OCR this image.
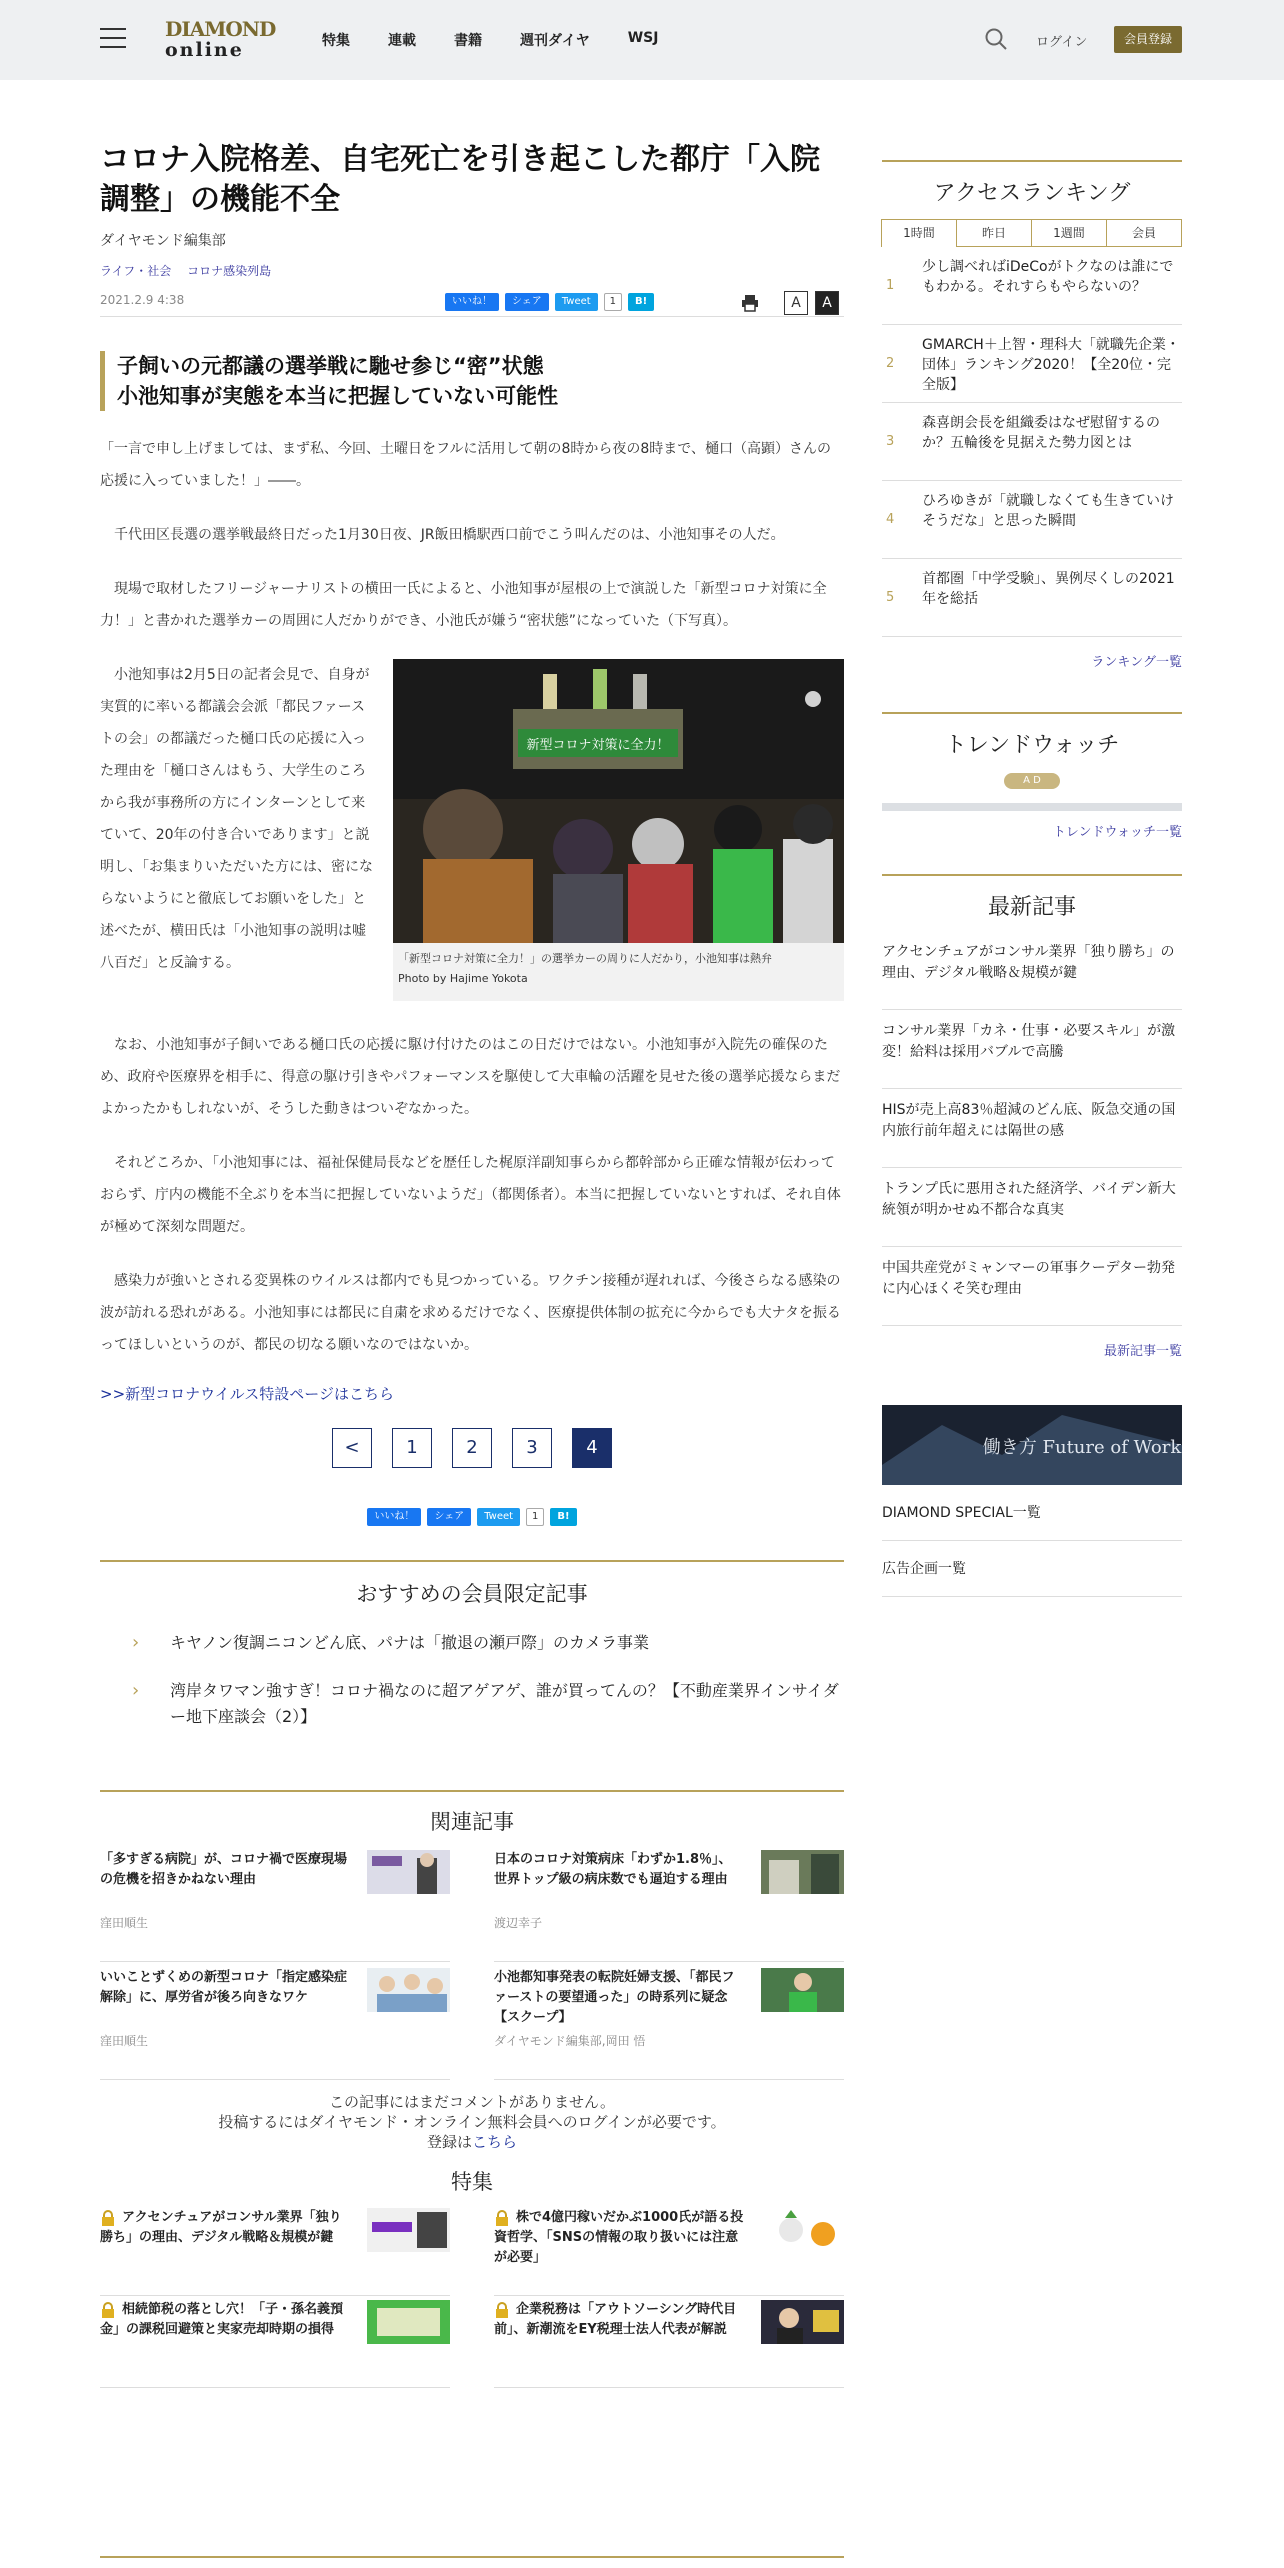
DIAMOND
online	特集	連載	書籍	週刊ダイヤ	WSJ	ログイン	会員登録
コロナ入院格差、自宅死亡を引き起こした都庁「入院調整」の機能不全
ダイヤモンド編集部
ライフ・社会 コロナ感染列島
2021.2.9 4:38	いいね！	シェア	Tweet	1	B!	A	A
子飼いの元都議の選挙戦に馳せ参じ“密”状態
小池知事が実態を本当に把握していない可能性

「一言で申し上げましては、まず私、今回、土曜日をフルに活用して朝の8時から夜の8時まで、樋口（高顕）さんの応援に入っていました！」――。

　千代田区長選の選挙戦最終日だった1月30日夜、JR飯田橋駅西口前でこう叫んだのは、小池知事その人だ。

　現場で取材したフリージャーナリストの横田一氏によると、小池知事が屋根の上で演説した「新型コロナ対策に全力！」と書かれた選挙カーの周囲に人だかりができ、小池氏が嫌う“密状態”になっていた（下写真）。

　小池知事は2月5日の記者会見で、自身が実質的に率いる都議会会派「都民ファーストの会」の都議だった樋口氏の応援に入った理由を「樋口さんはもう、大学生のころから我が事務所の方にインターンとして来ていて、20年の付き合いであります」と説明し、「お集まりいただいた方には、密にならないようにと徹底してお願いをした」と述べたが、横田氏は「小池知事の説明は嘘八百だ」と反論する。

新型コロナ対策に全力！
「新型コロナ対策に全力！」の選挙カーの周りに人だかり，小池知事は熱弁
Photo by Hajime Yokota

　なお、小池知事が子飼いである樋口氏の応援に駆け付けたのはこの日だけではない。小池知事が入院先の確保のため、政府や医療界を相手に、得意の駆け引きやパフォーマンスを駆使して大車輪の活躍を見せた後の選挙応援ならまだよかったかもしれないが、そうした動きはついぞなかった。

　それどころか、「小池知事には、福祉保健局長などを歴任した梶原洋副知事らから都幹部から正確な情報が伝わっておらず、庁内の機能不全ぶりを本当に把握していないようだ」（都関係者）。本当に把握していないとすれば、それ自体が極めて深刻な問題だ。

　感染力が強いとされる変異株のウイルスは都内でも見つかっている。ワクチン接種が遅れれば、今後さらなる感染の波が訪れる恐れがある。小池知事には都民に自粛を求めるだけでなく、医療提供体制の拡充に今からでも大ナタを振るってほしいというのが、都民の切なる願いなのではないか。

>>新型コロナウイルス特設ページはこちら
<	1	2	3	4
いいね！	シェア	Tweet	1	B!
おすすめの会員限定記事
› キヤノン復調ニコンどん底、パナは「撤退の瀬戸際」のカメラ事業
› 湾岸タワマン強すぎ！コロナ禍なのに超アゲアゲ、誰が買ってんの？【不動産業界インサイダー地下座談会（2）】
関連記事
「多すぎる病院」が、コロナ禍で医療現場の危機を招きかねない理由
窪田順生
日本のコロナ対策病床「わずか1.8％」、世界トップ級の病床数でも逼迫する理由
渡辺幸子
いいことずくめの新型コロナ「指定感染症解除」に、厚労省が後ろ向きなワケ
窪田順生
小池都知事発表の転院妊婦支援、「都民ファーストの要望通った」の時系列に疑念【スクープ】
ダイヤモンド編集部,岡田 悟
この記事にはまだコメントがありません。
投稿するにはダイヤモンド・オンライン無料会員へのログインが必要です。
登録はこちら
特集
アクセンチュアがコンサル業界「独り勝ち」の理由、デジタル戦略＆規模が鍵
株で4億円稼いだかぶ1000氏が語る投資哲学、「SNSの情報の取り扱いには注意が必要」
相続節税の落とし穴！「子・孫名義預金」の課税回避策と実家売却時期の損得
企業税務は「アウトソーシング時代目前」、新潮流をEY税理士法人代表が解説
アクセスランキング
1時間	昨日	1週間	会員
1
少し調べればiDeCoがトクなのは誰にでもわかる。それすらもやらないの？
2
GMARCH＋上智・理科大「就職先企業・団体」ランキング2020！【全20位・完全版】
3
森喜朗会長を組織委はなぜ慰留するのか？五輪後を見据えた勢力図とは
4
ひろゆきが「就職しなくても生きていけそうだな」と思った瞬間
5
首都圏「中学受験」、異例尽くしの2021年を総括
ランキング一覧
トレンドウォッチ
A D
トレンドウォッチ一覧
最新記事
アクセンチュアがコンサル業界「独り勝ち」の理由、デジタル戦略＆規模が鍵
コンサル業界「カネ・仕事・必要スキル」が激変！給料は採用バブルで高騰
HISが売上高83％超減のどん底、阪急交通の国内旅行前年超えには隔世の感
トランプ氏に悪用された経済学、バイデン新大統領が明かせぬ不都合な真実
中国共産党がミャンマーの軍事クーデター勃発に内心ほくそ笑む理由
最新記事一覧
働き方 Future of Work
DIAMOND SPECIAL一覧
広告企画一覧
